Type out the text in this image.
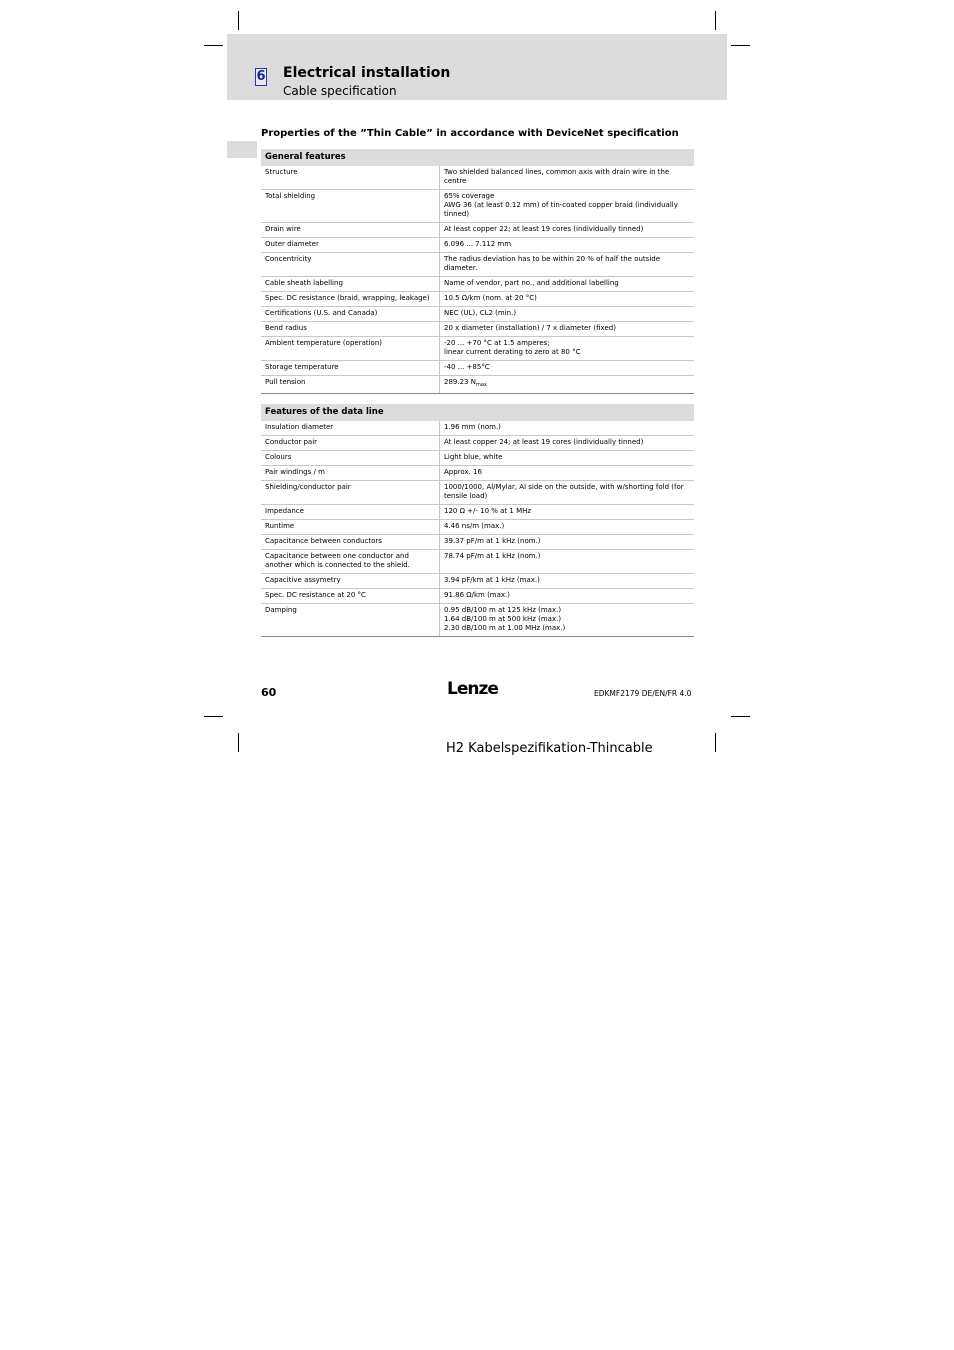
6 Electrical installation
Cable specification
Properties of the ”Thin Cable” in accordance with DeviceNet specification
General features	
Structure	Two shielded balanced lines, common axis with drain wire in the
centre

Total shielding	65% coverage
AWG 36 (at least 0.12 mm) of tin-coated copper braid (individually
tinned)

Drain wire	At least copper 22; at least 19 cores (individually tinned)

Outer diameter	6.096 ... 7.112 mm

Concentricity	The radius deviation has to be within 20 % of half the outside
diameter.

Cable sheath labelling	Name of vendor, part no., and additional labelling

Spec. DC resistance (braid, wrapping, leakage)	10.5 Ω/km (nom. at 20 °C)

Certifications (U.S. and Canada)	NEC (UL), CL2 (min.)

Bend radius	20 x diameter (installation) / 7 x diameter (fixed)

Ambient temperature (operation)	-20 ... +70 °C at 1.5 amperes;
linear current derating to zero at 80 °C

Storage temperature	-40 ... +85°C

Pull tension	289.23 $N_{max}$
Features of the data line	
Insulation diameter	1.96 mm (nom.)

Conductor pair	At least copper 24; at least 19 cores (individually tinned)

Colours	Light blue, white

Pair windings / m	Approx. 16

Shielding/conductor pair	1000/1000, Al/Mylar, Al side on the outside, with w/shorting fold (for
tensile load)

Impedance	120 Ω +/- 10 % at 1 MHz

Runtime	4.46 ns/m (max.)

Capacitance between conductors	39.37 pF/m at 1 kHz (nom.)

Capacitance between one conductor and another which is connected to the shield.	78.74 pF/m at 1 kHz (nom.)

Capacitive assymetry	3.94 pF/km at 1 kHz (max.)

Spec. DC resistance at 20 °C	91.86 Ω/km (max.)

Damping	0.95 dB/100 m at 125 kHz (max.)
1.64 dB/100 m at 500 kHz (max.)
2.30 dB/100 m at 1.00 MHz (max.)
60	Lenze	EDKMF2179 DE/EN/FR 4.0
H2 Kabelspezifikation-Thincable
